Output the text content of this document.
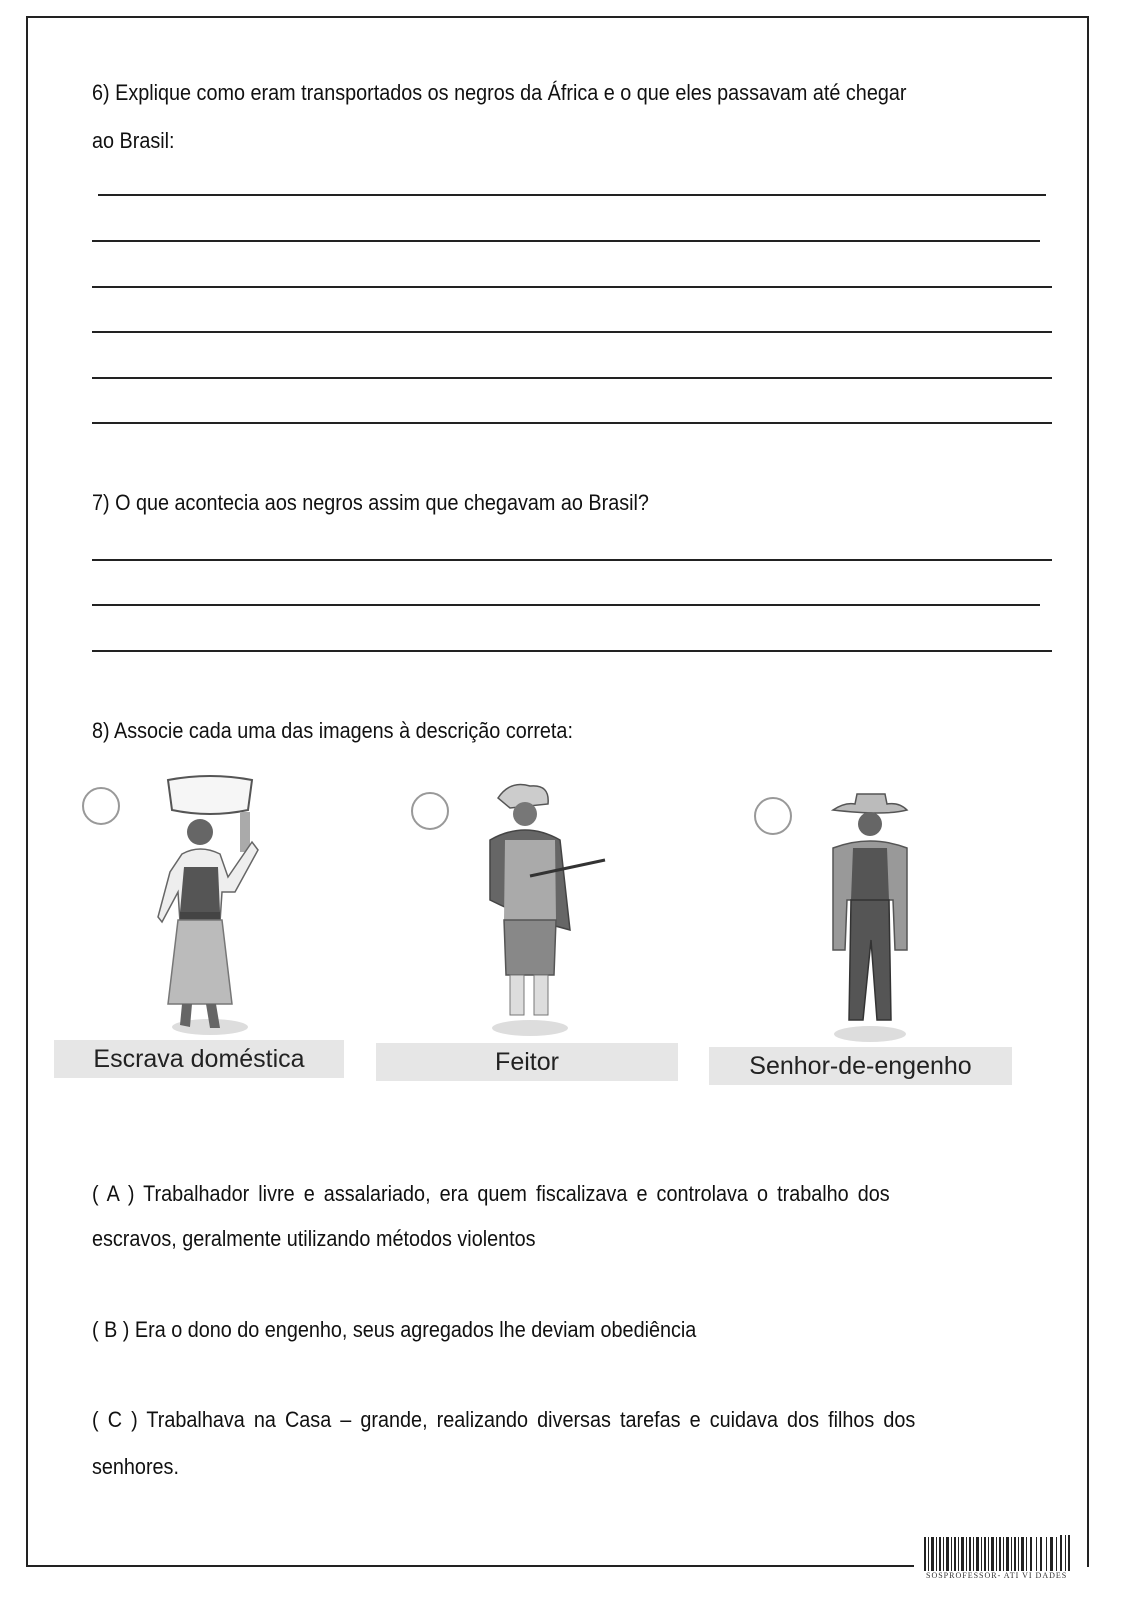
6) Explique como eram transportados os negros da África e o que eles passavam até chegar
ao Brasil:
7) O que acontecia aos negros assim que chegavam ao Brasil?
8) Associe cada uma das imagens à descrição correta:
Escrava doméstica	Feitor	Senhor-de-engenho
( A ) Trabalhador livre e assalariado, era quem fiscalizava e controlava o trabalho dos
escravos, geralmente utilizando métodos violentos
( B ) Era o dono do engenho, seus agregados lhe deviam obediência
( C ) Trabalhava na Casa – grande, realizando diversas tarefas e cuidava dos filhos dos
senhores.
SOSPROFESSOR- ATI VI DADES
